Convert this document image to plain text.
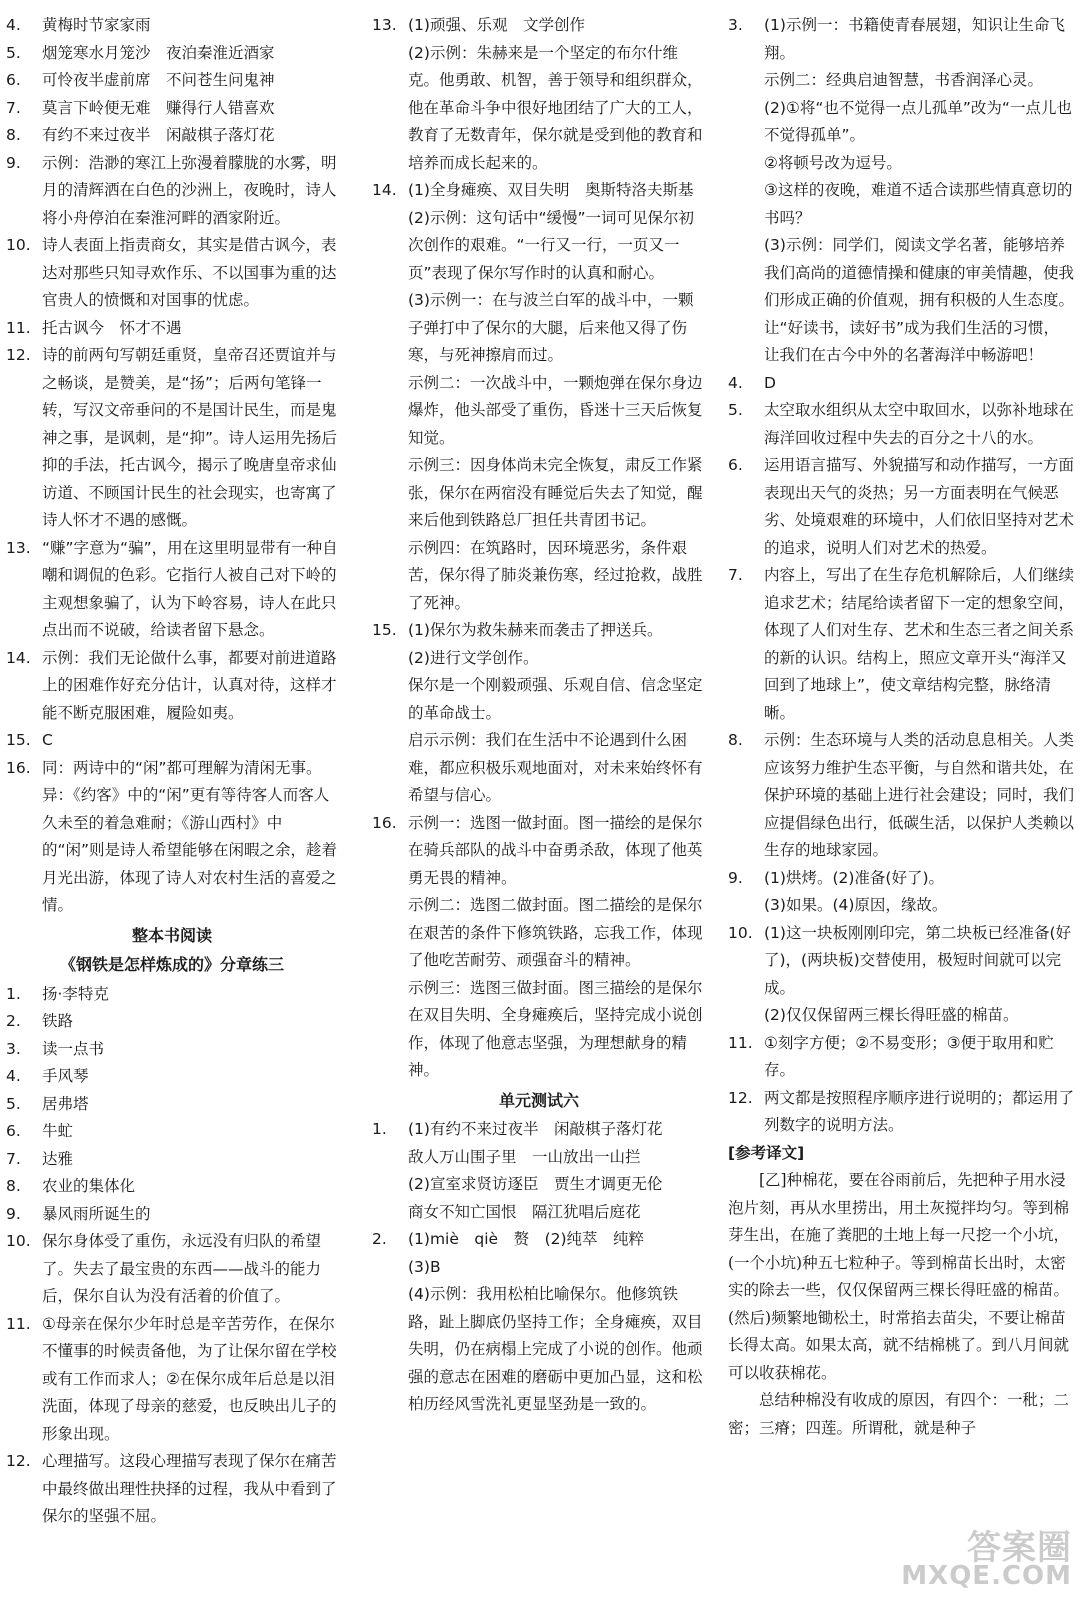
4.	黄梅时节家家雨

5.	烟笼寒水月笼沙　夜泊秦淮近酒家

6.	可怜夜半虚前席　不问苍生问鬼神

7.	莫言下岭便无难　赚得行人错喜欢

8.	有约不来过夜半　闲敲棋子落灯花

9.	示例：浩渺的寒江上弥漫着朦胧的水雾，明月的清辉洒在白色的沙洲上，夜晚时，诗人将小舟停泊在秦淮河畔的酒家附近。

10. 诗人表面上指责商女，其实是借古讽今，表达对那些只知寻欢作乐、不以国事为重的达官贵人的愤慨和对国事的忧虑。

11. 托古讽今　怀才不遇

12. 诗的前两句写朝廷重贤，皇帝召还贾谊并与之畅谈，是赞美，是“扬”；后两句笔锋一转，写汉文帝垂问的不是国计民生，而是鬼神之事，是讽刺，是“抑”。诗人运用先扬后抑的手法，托古讽今，揭示了晚唐皇帝求仙访道、不顾国计民生的社会现实，也寄寓了诗人怀才不遇的感慨。

13. “赚”字意为“骗”，用在这里明显带有一种自嘲和调侃的色彩。它指行人被自己对下岭的主观想象骗了，认为下岭容易，诗人在此只点出而不说破，给读者留下悬念。

14. 示例：我们无论做什么事，都要对前进道路上的困难作好充分估计，认真对待，这样才能不断克服困难，履险如夷。

15. C

16. 同：两诗中的“闲”都可理解为清闲无事。异：《约客》中的“闲”更有等待客人而客人久未至的着急难耐；《游山西村》中的“闲”则是诗人希望能够在闲暇之余，趁着月光出游，体现了诗人对农村生活的喜爱之情。

整本书阅读
《钢铁是怎样炼成的》分章练三
1.	扬·李特克

2.	铁路

3.	读一点书

4.	手风琴

5.	居弗塔

6.	牛虻

7.	达雅

8.	农业的集体化

9.	暴风雨所诞生的

10. 保尔身体受了重伤，永远没有归队的希望了。失去了最宝贵的东西——战斗的能力后，保尔自认为没有活着的价值了。

11. ①母亲在保尔少年时总是辛苦劳作，在保尔不懂事的时候责备他，为了让保尔留在学校或有工作而求人；②在保尔成年后总是以泪洗面，体现了母亲的慈爱，也反映出儿子的形象出现。

12. 心理描写。这段心理描写表现了保尔在痛苦中最终做出理性抉择的过程，我从中看到了保尔的坚强不屈。

13. (1)顽强、乐观　文学创作

(2)示例：朱赫来是一个坚定的布尔什维克。他勇敢、机智，善于领导和组织群众，他在革命斗争中很好地团结了广大的工人，教育了无数青年，保尔就是受到他的教育和培养而成长起来的。

14. (1)全身瘫痪、双目失明　奥斯特洛夫斯基

(2)示例：这句话中“缓慢”一词可见保尔初次创作的艰难。“一行又一行，一页又一页”表现了保尔写作时的认真和耐心。

(3)示例一：在与波兰白军的战斗中，一颗子弹打中了保尔的大腿，后来他又得了伤寒，与死神擦肩而过。

示例二：一次战斗中，一颗炮弹在保尔身边爆炸，他头部受了重伤，昏迷十三天后恢复知觉。

示例三：因身体尚未完全恢复，肃反工作紧张，保尔在两宿没有睡觉后失去了知觉，醒来后他到铁路总厂担任共青团书记。

示例四：在筑路时，因环境恶劣，条件艰苦，保尔得了肺炎兼伤寒，经过抢救，战胜了死神。

15. (1)保尔为救朱赫来而袭击了押送兵。

(2)进行文学创作。

保尔是一个刚毅顽强、乐观自信、信念坚定的革命战士。

启示示例：我们在生活中不论遇到什么困难，都应积极乐观地面对，对未来始终怀有希望与信心。

16. 示例一：选图一做封面。图一描绘的是保尔在骑兵部队的战斗中奋勇杀敌，体现了他英勇无畏的精神。

示例二：选图二做封面。图二描绘的是保尔在艰苦的条件下修筑铁路，忘我工作，体现了他吃苦耐劳、顽强奋斗的精神。

示例三：选图三做封面。图三描绘的是保尔在双目失明、全身瘫痪后，坚持完成小说创作，体现了他意志坚强，为理想献身的精神。

单元测试六
1.	(1)有约不来过夜半　闲敲棋子落灯花

敌人万山围子里　一山放出一山拦

(2)宣室求贤访逐臣　贾生才调更无伦

商女不知亡国恨　隔江犹唱后庭花

2.	(1)miè　qiè　赘　(2)纯萃　纯粹

(3)B

(4)示例：我用松柏比喻保尔。他修筑铁路，趾上脚底仍坚持工作；全身瘫痪，双目失明，仍在病榻上完成了小说的创作。他顽强的意志在困难的磨砺中更加凸显，这和松柏历经风雪洗礼更显坚劲是一致的。

3.	(1)示例一：书籍使青春展翅，知识让生命飞翔。

示例二：经典启迪智慧，书香润泽心灵。

(2)①将“也不觉得一点儿孤单”改为“一点儿也不觉得孤单”。

②将顿号改为逗号。

③这样的夜晚，难道不适合读那些情真意切的书吗？

(3)示例：同学们，阅读文学名著，能够培养我们高尚的道德情操和健康的审美情趣，使我们形成正确的价值观，拥有积极的人生态度。让“好读书，读好书”成为我们生活的习惯，让我们在古今中外的名著海洋中畅游吧！

4.	D

5.	太空取水组织从太空中取回水，以弥补地球在海洋回收过程中失去的百分之十八的水。

6.	运用语言描写、外貌描写和动作描写，一方面表现出天气的炎热；另一方面表明在气候恶劣、处境艰难的环境中，人们依旧坚持对艺术的追求，说明人们对艺术的热爱。

7.	内容上，写出了在生存危机解除后，人们继续追求艺术；结尾给读者留下一定的想象空间，体现了人们对生存、艺术和生态三者之间关系的新的认识。结构上，照应文章开头“海洋又回到了地球上”，使文章结构完整，脉络清晰。

8.	示例：生态环境与人类的活动息息相关。人类应该努力维护生态平衡，与自然和谐共处，在保护环境的基础上进行社会建设；同时，我们应提倡绿色出行，低碳生活，以保护人类赖以生存的地球家园。

9.	(1)烘烤。(2)准备(好了)。

(3)如果。(4)原因，缘故。

10. (1)这一块板刚刚印完，第二块板已经准备(好了)，(两块板)交替使用，极短时间就可以完成。

(2)仅仅保留两三棵长得旺盛的棉苗。

11. ①刻字方便；②不易变形；③便于取用和贮存。

12. 两文都是按照程序顺序进行说明的；都运用了列数字的说明方法。

[参考译文]

[乙]种棉花，要在谷雨前后，先把种子用水浸泡片刻，再从水里捞出，用土灰搅拌均匀。等到棉芽生出，在施了粪肥的土地上每一尺挖一个小坑，(一个小坑)种五七粒种子。等到棉苗长出时，太密实的除去一些，仅仅保留两三棵长得旺盛的棉苗。(然后)频繁地锄松土，时常掐去苗尖，不要让棉苗长得太高。如果太高，就不结棉桃了。到八月间就可以收获棉花。

总结种棉没有收成的原因，有四个：一秕；二密；三瘠；四莲。所谓秕，就是种子

答案圈
MXQE.COM
